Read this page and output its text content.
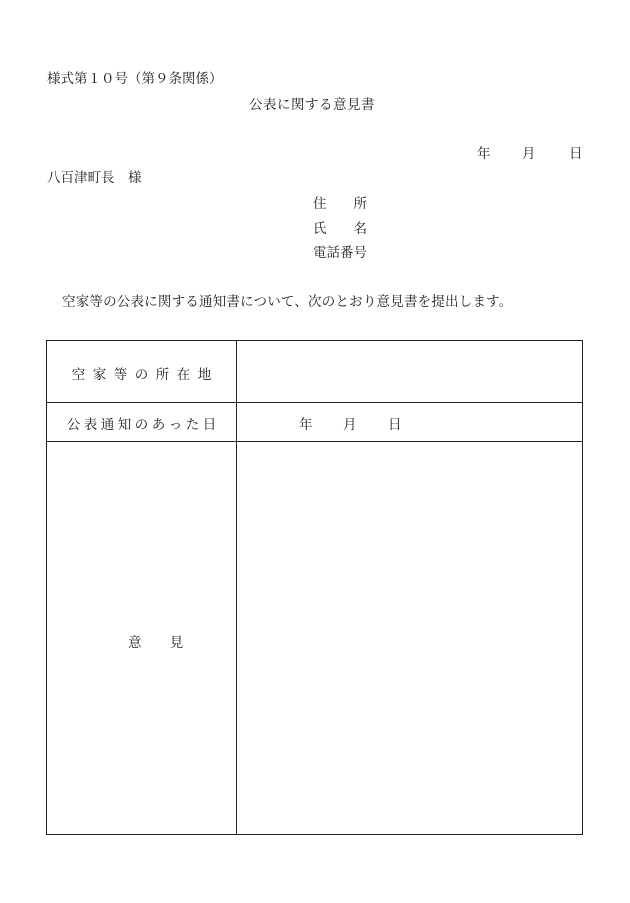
様式第１０号（第９条関係）
公表に関する意見書
年 月 日
八百津町長　様
住　　所
氏　　名
電話番号
空家等の公表に関する通知書について、次のとおり意見書を提出します。
空 家 等 の 所 在 地
公 表 通 知 の あ っ た 日	年 月 日
意 見
